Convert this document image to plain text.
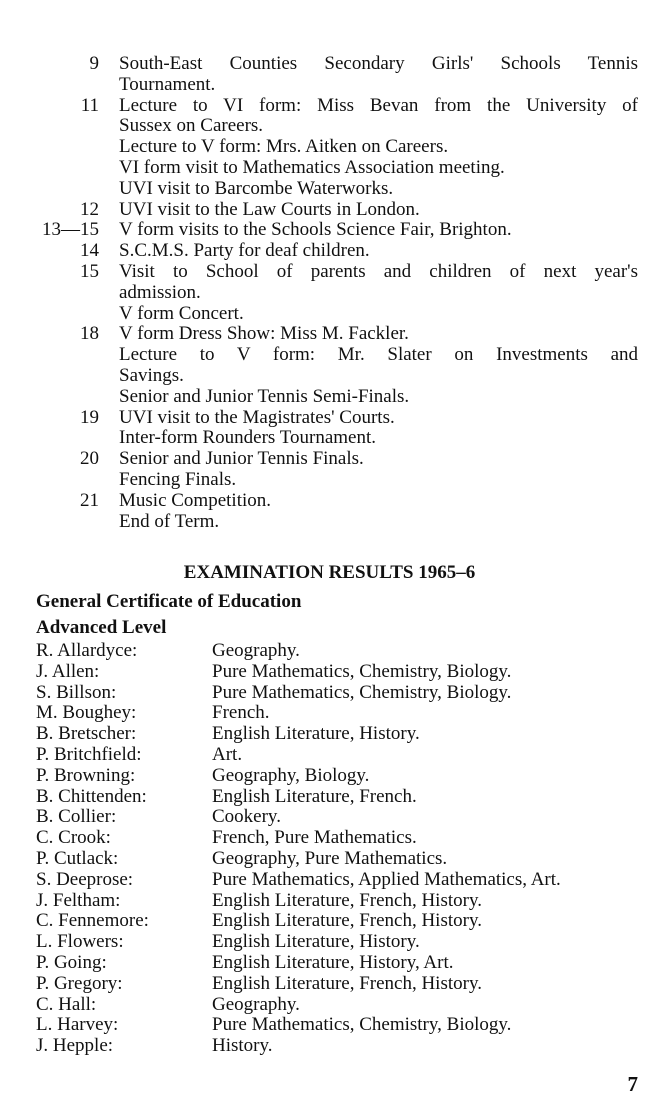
9 South-East Counties Secondary Girls' Schools Tennis
Tournament.
11 Lecture to VI form: Miss Bevan from the University of
Sussex on Careers.
Lecture to V form: Mrs. Aitken on Careers.
VI form visit to Mathematics Association meeting.
UVI visit to Barcombe Waterworks.
12 UVI visit to the Law Courts in London.
13—15 V form visits to the Schools Science Fair, Brighton.
14 S.C.M.S. Party for deaf children.
15 Visit to School of parents and children of next year's
admission.
V form Concert.
18 V form Dress Show: Miss M. Fackler.
Lecture to V form: Mr. Slater on Investments and
Savings.
Senior and Junior Tennis Semi-Finals.
19 UVI visit to the Magistrates' Courts.
Inter-form Rounders Tournament.
20 Senior and Junior Tennis Finals.
Fencing Finals.
21 Music Competition.
End of Term.
EXAMINATION RESULTS 1965–6
General Certificate of Education
Advanced Level
R. Allardyce:	Geography.
J. Allen:	Pure Mathematics, Chemistry, Biology.
S. Billson:	Pure Mathematics, Chemistry, Biology.
M. Boughey:	French.
B. Bretscher:	English Literature, History.
P. Britchfield:	Art.
P. Browning:	Geography, Biology.
B. Chittenden:	English Literature, French.
B. Collier:	Cookery.
C. Crook:	French, Pure Mathematics.
P. Cutlack:	Geography, Pure Mathematics.
S. Deeprose:	Pure Mathematics, Applied Mathematics, Art.
J. Feltham:	English Literature, French, History.
C. Fennemore:	English Literature, French, History.
L. Flowers:	English Literature, History.
P. Going:	English Literature, History, Art.
P. Gregory:	English Literature, French, History.
C. Hall:	Geography.
L. Harvey:	Pure Mathematics, Chemistry, Biology.
J. Hepple:	History.
7
